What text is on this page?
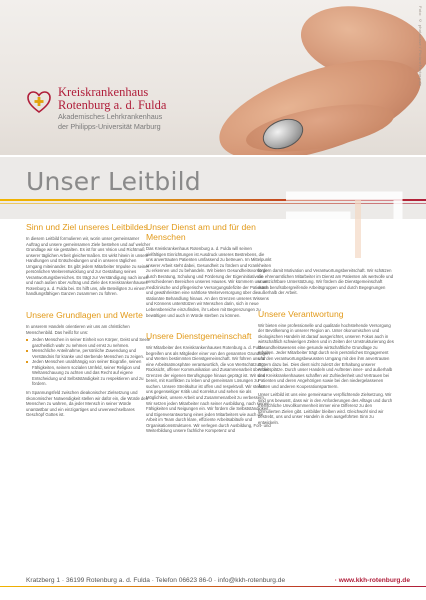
Foto: © photocase / PictureFactory.de
Kreiskrankenhaus
Rotenburg a. d. Fulda
Akademisches Lehrkrankenhaus
der Philipps-Universität Marburg
Unser Leitbild
Sinn und Ziel unseres Leitbildes

In diesem Leitbild formulieren wir, worin unser gemeinsamer Auftrag und unsere gemeinsamen Ziele bestehen und auf welcher Grundlage wir sie gestalten. Es ist für uns Vision und Richtmaß unserer täglichen Arbeit gleichermaßen. Es wirkt hinein in unsere Handlungen und Entscheidungen und in unseren täglichen Umgang miteinander. Es gibt jedem Mitarbeiter Impulse zu seiner persönlichen Weiterentwicklung und zur Gestaltung seines Verantwortungsbereiches. Es trägt zur Verständigung nach innen und nach außen über Auftrag und Ziele des Kreiskrankenhauses Rotenburg a. d. Fulda bei. Es hilft uns, alle Beteiligten zu einem handlungsfähigen Ganzen zusammen zu führen.

Unsere Grundlagen und Werte

In unserem Handeln orientieren wir uns am christlichen Menschenbild. Das heißt für uns:

Jeden Menschen in seiner Einheit von Körper, Geist und Seele ganzheitlich wahr zu nehmen und ernst zu nehmen.
Menschliche Anteilnahme, persönliche Zuwendung und Verständnis für kranke und sterbende Menschen zu zeigen.
Jeden Menschen unabhängig von seiner Biografie, seinen Fähigkeiten, seinem sozialen Umfeld, seiner Religion und Weltanschauung zu achten und das Recht auf eigene Entscheidung und Selbstständigkeit zu respektieren und zu fördern.

Im Spannungsfeld zwischen dieakonischer Zielsetzung und ökonomischer Notwendigkeit stellen wir dafür ein, die Würde des Menschen zu wahren, da jeder Mensch in seiner Würde unantastbar und ein einzigartiges und unverwechselbares Geschöpf Gottes ist.

Unser Dienst am und für den Menschen

Das Kreiskrankenhaus Rotenburg a. d. Fulda will seinen vielfältigen Einrichtungen ist Ausdruck unseres Bestrebens, die uns anvertrauten Patienten umfassend zu betreuen. Im Mittelpunkt unserer Arbeit steht dabei, Gesundheit zu fördern und Krankheiten zu erkennen und zu behandeln. Wir bieten Gesundheitsvorsorge durch Beratung, Schulung und Förderung der Eigeninitiative in verschiedenen Bereichen unseres Hauses. Wir kümmern uns um medizinische und pflegerische Versorgungsdefizite der Patienten und gewährleisten eine nahtlose Weiterversorgung über die stationäre Behandlung hinaus. An den Grenzen unseres Wissens und Könnens unterstützen wir Menschen darin, sich in neue Lebensbereiche einzufinden, ihr Leben mit Begrenzungen zu bewältigen und auch in Würde sterben zu können.

Unsere Dienstgemeinschaft

Wir Mitarbeiter des Kreiskrankenhauses Rotenburg a. d. Fulda begreifen uns als Mitglieder einer von den genannten Grundlagen und Werten bestimmten Dienstgemeinschaft. Wir führen uns für eine Arbeitsatmosphäre verantwortlich, die von Wertschätzung, Rücksicht, offener Kommunikation und Zusammenarbeit über die Grenzen der eigenen Berufsgruppe hinaus geprägt ist. Wir sind bereit, mit Konflikten zu leben und gemeinsam Lösungen zu suchen. Unsere Streitkultur ist offen und respektvoll. Wir stellen uns gegenseitiger Kritik und Korrektur und sehen sie als Möglichkeit, unsere Arbeit und Zusammenarbeit zu verbessern. Wir setzen jeden Mitarbeiter nach seiner Ausbildung, nach seinen Fähigkeiten und Neigungen ein. Wir fördern die Selbstständigkeit und Eigenverantwortung eines jeden Mitarbeiters wie auch die Arbeit im Team durch klare, effiziente Arbeitsabläufe und Organisationsstrukturen. Wir verlegen durch Ausbildung, Fort- und Weiterbildung unsere fachliche Kompetenz und

fördern damit Motivation und Verantwortungsbereitschaft. Wir schätzen die ehrenamtlichen Mitarbeiter im Dienst am Patienten als wertvolle und unverzichtbare Unterstützung. Wir fördern die Dienstgemeinschaft durch berufsübergreifende Arbeitsgruppen und durch Begegnungen außerhalb der Arbeit.

Unsere Verantwortung

Wir bieten eine professionelle und qualitativ hochstehende Versorgung der Bevölkerung in unserer Region an. Unter ökonomischen und ökologischen Handeln ist darauf ausgerichtet, unseren Fokus auch in wirtschaftlich schwierigen Zeiten und in Zeiten der Umstrukturierung des Gesundheitswesens eine gesunde wirtschaftliche Grundlage zu erhalten. Jeder Mitarbeiter trägt durch sein persönliches Engagement und den verantwortungsbewussten Umgang mit den ihm anvertrauten Gütern dazu bei. Dies dient nicht zuletzt der Erhaltung unserer Arbeitsplätze. Durch unser Handeln und Auftreten inner- und außerhalb des Kreiskrankenhauses schaffen wir Zufriedenheit und Vertrauen bei Patienten und deren Angehörigen sowie bei den niedergelassenen Ärzten und anderen Kooperationspartnern.

Unser Leitbild ist uns eine gemeinsame verpflichtende Zielsetzung. Wir sind uns bewusst, dass wir in den Anforderungen des Alltags und durch menschliche Unvollkommenheit immer eine Differenz zu den formulierten Zielen gibt. Leitbilder bleiben wird. Gleichwohl sind wir bestrebt, uns und unser Handeln in den ausgeführten Sinn zu entwickeln.

Kratzberg 1 · 36199 Rotenburg a. d. Fulda · Telefon 06623 86-0 · info@kkh-rotenburg.de	· www.kkh-rotenburg.de
